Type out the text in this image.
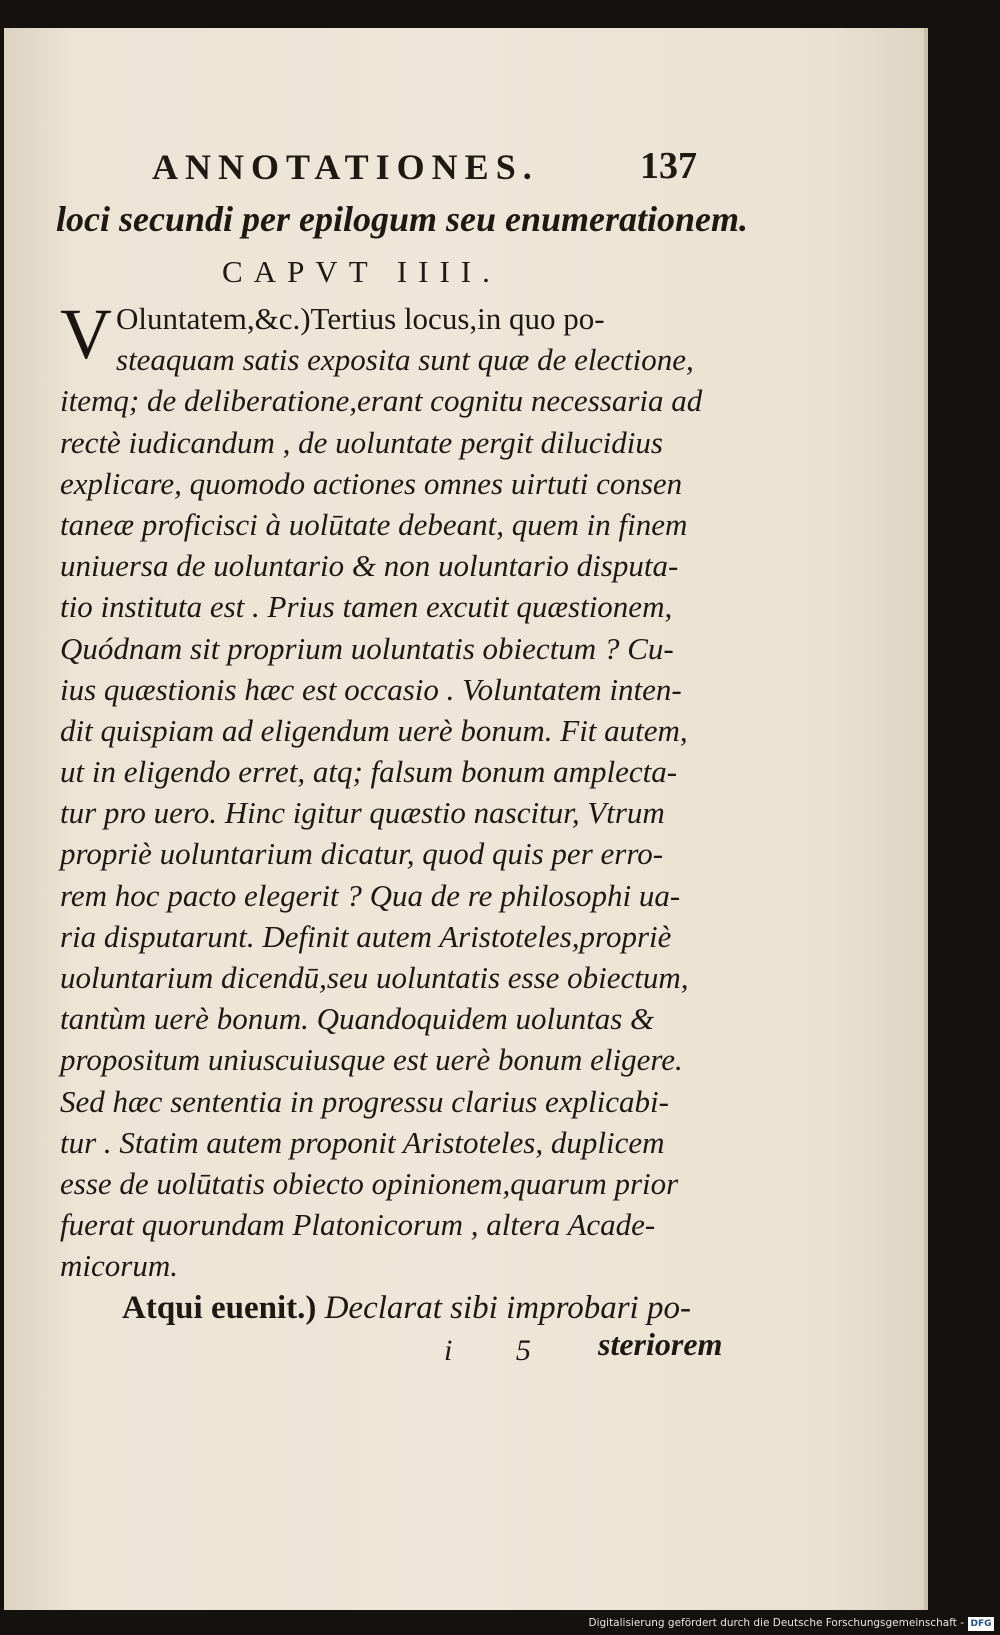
ANNOTATIONES.	137
loci secundi per epilogum seu enumerationem.
CAPVT IIII.
V Oluntatem,&c.)Tertius locus,in quo po-
steaquam satis exposita sunt quæ de electione,
itemq; de deliberatione,erant cognitu necessaria ad
rectè iudicandum , de uoluntate pergit dilucidius
explicare, quomodo actiones omnes uirtuti consen
taneæ proficisci à uolūtate debeant, quem in finem
uniuersa de uoluntario & non uoluntario disputa-
tio instituta est . Prius tamen excutit quæstionem,
Quódnam sit proprium uoluntatis obiectum ? Cu-
ius quæstionis hæc est occasio . Voluntatem inten-
dit quispiam ad eligendum uerè bonum. Fit autem,
ut in eligendo erret, atq; falsum bonum amplecta-
tur pro uero. Hinc igitur quæstio nascitur, Vtrum
propriè uoluntarium dicatur, quod quis per erro-
rem hoc pacto elegerit ? Qua de re philosophi ua-
ria disputarunt. Definit autem Aristoteles,propriè
uoluntarium dicendū,seu uoluntatis esse obiectum,
tantùm uerè bonum. Quandoquidem uoluntas &
propositum uniuscuiusque est uerè bonum eligere.
Sed hæc sententia in progressu clarius explicabi-
tur . Statim autem proponit Aristoteles, duplicem
esse de uolūtatis obiecto opinionem,quarum prior
fuerat quorundam Platonicorum , altera Acade-
micorum.
Atqui euenit.) Declarat sibi improbari po-
i 5 steriorem
Digitalisierung gefördert durch die Deutsche Forschungsgemeinschaft - DFG
